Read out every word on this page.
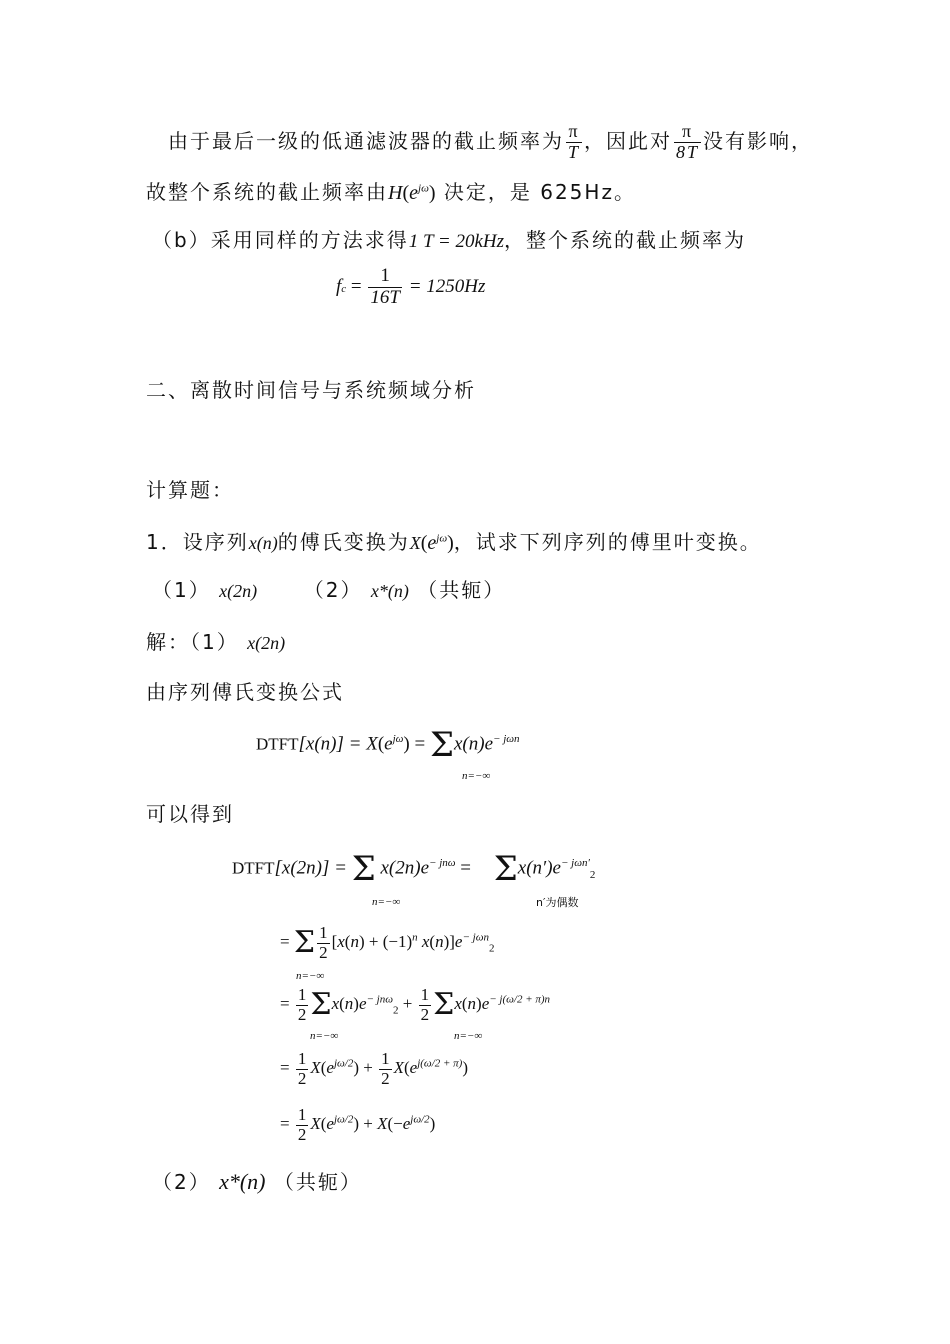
由于最后一级的低通滤波器的截止频率为 $\frac{\pi}{T}$ ，因此对 $\frac{\pi}{8T}$ 没有影响，
故整个系统的截止频率由$H(e^{j\omega})$ 决定，是 625Hz。
（b）采用同样的方法求得1 T = 20kHz，整个系统的截止频率为
fc = $\frac{1}{16T} = 1250Hz$
二、离散时间信号与系统频域分析
计算题：
1．设序列x(n)的傅氏变换为$X(e^{j\omega})$，试求下列序列的傅里叶变换。
（1） x(2n) （2） x*(n) （共轭）
解：（1） x(2n)
由序列傅氏变换公式
DTFT[x(n)] = $X(e^{j\omega}) = \Sigma x(n)e^{- j\omega n}$
n=−∞
可以得到
DTFT[x(2n)] = Σ $x(2n)e^{- jn\omega} = \Sigma x(n')e^{- j\omega n'}_2$
n=−∞	n′为偶数
= Σ $\frac{1}{2} [x(n) + (-1)^n$ $x(n)]e^{- j\omega n}_2$
n=−∞
= $\frac{1}{2} \Sigma x(n)e^{- jn\omega}_2 + \frac{1}{2} \Sigma x(n)e^{- j(\omega/2 + \pi)n}$
n=−∞	n=−∞
= $\frac{1}{2} X(e^{j\omega/2}) + \frac{1}{2} X(e^{j(\omega/2 + \pi)})$
= $\frac{1}{2} X(e^{j\omega/2}) + X(-e^{j\omega/2})$
（2） x*(n) （共轭）
